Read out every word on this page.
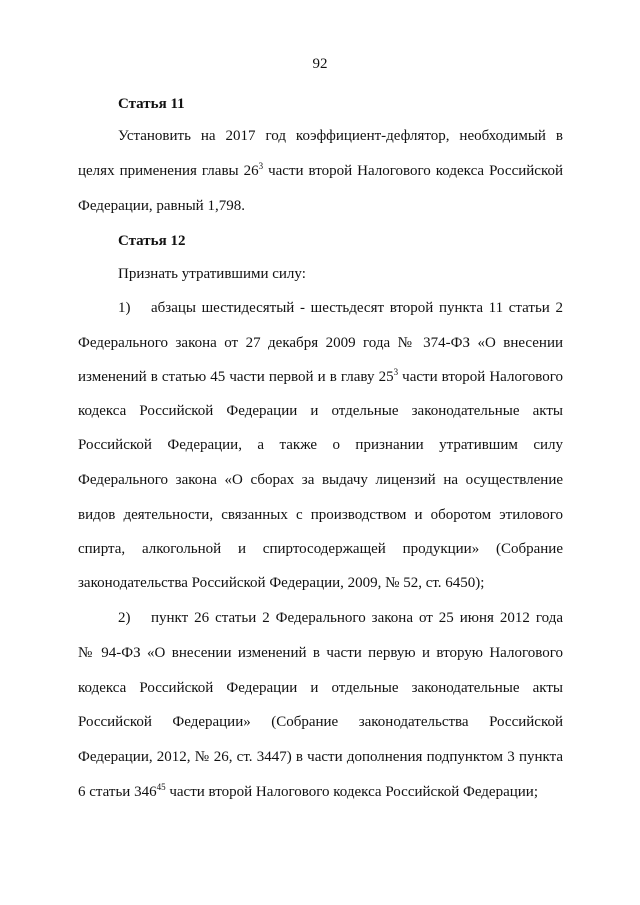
92
Статья 11
Установить на 2017 год коэффициент-дефлятор, необходимый в
целях применения главы $26^3$ части второй Налогового кодекса Российской
Федерации, равный 1,798.
Статья 12
Признать утратившими силу:
1) абзацы шестидесятый - шестьдесят второй пункта 11 статьи 2
Федерального закона от 27 декабря 2009 года № 374-ФЗ «О внесении
изменений в статью 45 части первой и в главу $25^3$ части второй Налогового
кодекса Российской Федерации и отдельные законодательные акты
Российской Федерации, а также о признании утратившим силу
Федерального закона «О сборах за выдачу лицензий на осуществление
видов деятельности, связанных с производством и оборотом этилового
спирта, алкогольной и спиртосодержащей продукции» (Собрание
законодательства Российской Федерации, 2009, № 52, ст. 6450);
2) пункт 26 статьи 2 Федерального закона от 25 июня 2012 года
№ 94-ФЗ «О внесении изменений в части первую и вторую Налогового
кодекса Российской Федерации и отдельные законодательные акты
Российской Федерации» (Собрание законодательства Российской
Федерации, 2012, № 26, ст. 3447) в части дополнения подпунктом 3 пункта
6 статьи $346^{45}$ части второй Налогового кодекса Российской Федерации;
